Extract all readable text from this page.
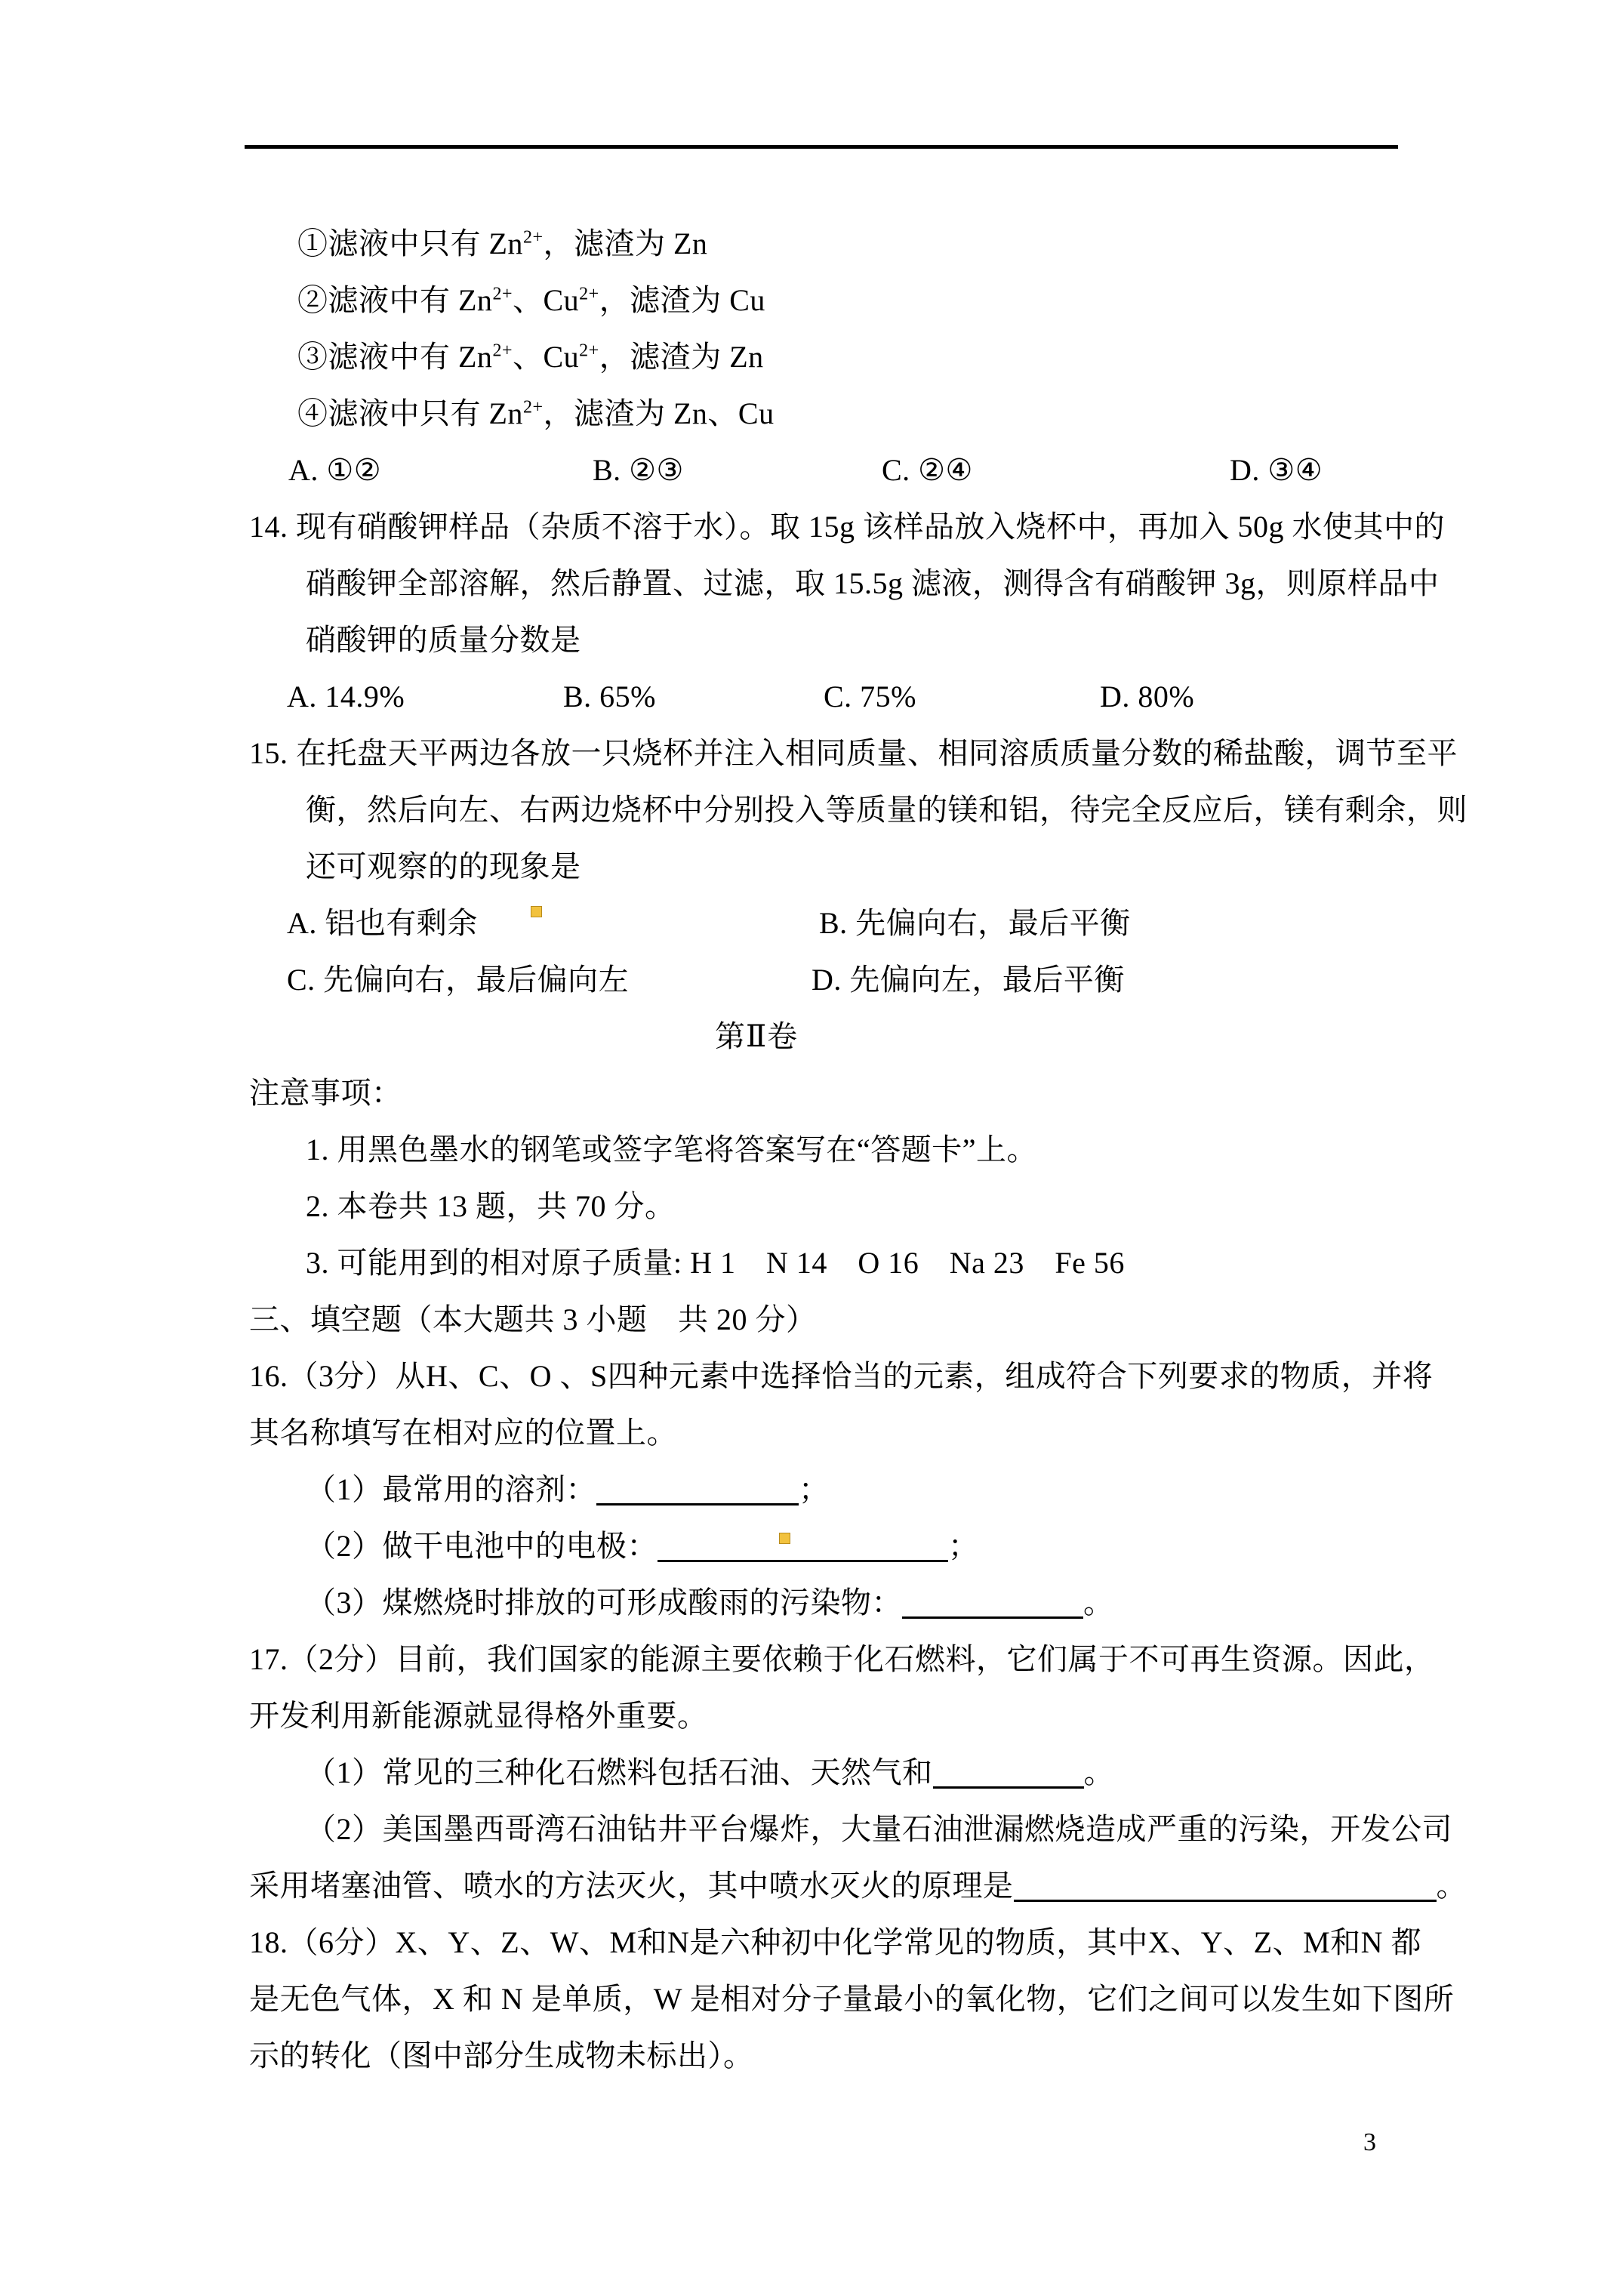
①滤液中只有 $Zn^{2+}$，滤渣为 Zn
②滤液中有 $Zn^{2+}$、$Cu^{2+}$，滤渣为 Cu
③滤液中有 $Zn^{2+}$、$Cu^{2+}$，滤渣为 Zn
④滤液中只有 $Zn^{2+}$，滤渣为 Zn、Cu
A. ①②	B. ②③	C. ②④	D. ③④
14. 现有硝酸钾样品（杂质不溶于水）。取 15g 该样品放入烧杯中，再加入 50g 水使其中的
硝酸钾全部溶解，然后静置、过滤，取 15.5g 滤液，测得含有硝酸钾 3g，则原样品中
硝酸钾的质量分数是
A. 14.9%	B. 65%	C. 75%	D. 80%
15. 在托盘天平两边各放一只烧杯并注入相同质量、相同溶质质量分数的稀盐酸，调节至平
衡，然后向左、右两边烧杯中分别投入等质量的镁和铝，待完全反应后，镁有剩余，则
还可观察的的现象是
A. 铝也有剩余	B. 先偏向右，最后平衡
C. 先偏向右，最后偏向左	D. 先偏向左，最后平衡
第Ⅱ卷
注意事项：
1. 用黑色墨水的钢笔或签字笔将答案写在“答题卡”上。
2. 本卷共 13 题，共 70 分。
3. 可能用到的相对原子质量: H 1　N 14　O 16　Na 23　Fe 56
三、填空题（本大题共 3 小题　共 20 分）
16.（3分）从H、C、O 、S四种元素中选择恰当的元素，组成符合下列要求的物质，并将
其名称填写在相对应的位置上。
（1）最常用的溶剂：	；
（2）做干电池中的电极：	；
（3）煤燃烧时排放的可形成酸雨的污染物：	。
17.（2分）目前，我们国家的能源主要依赖于化石燃料，它们属于不可再生资源。因此，
开发利用新能源就显得格外重要。
（1）常见的三种化石燃料包括石油、天然气和	。
（2）美国墨西哥湾石油钻井平台爆炸，大量石油泄漏燃烧造成严重的污染，开发公司
采用堵塞油管、喷水的方法灭火，其中喷水灭火的原理是	。
18.（6分）X、Y、Z、W、M和N是六种初中化学常见的物质，其中X、Y、Z、M和N 都
是无色气体，X 和 N 是单质，W 是相对分子量最小的氧化物，它们之间可以发生如下图所
示的转化（图中部分生成物未标出）。
3
